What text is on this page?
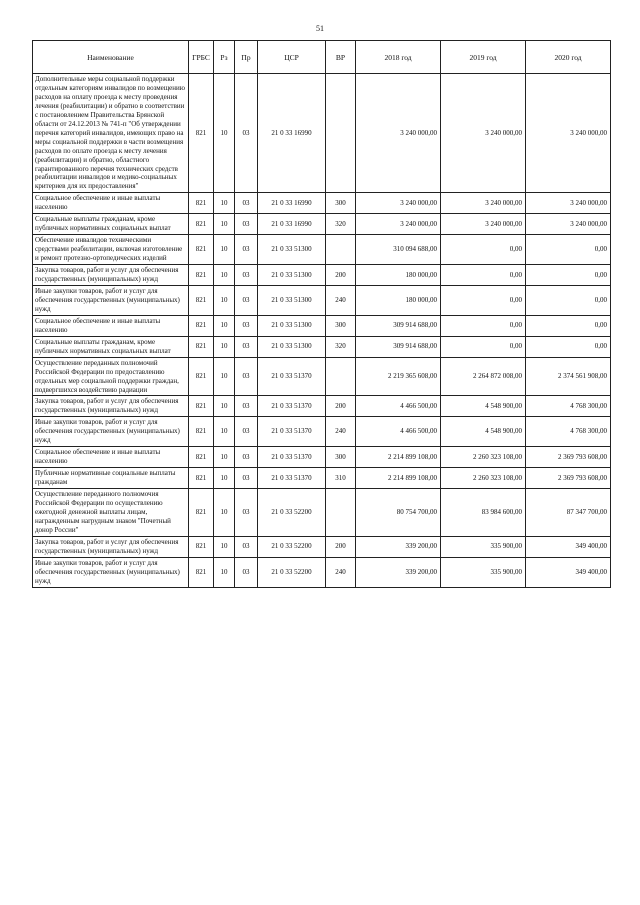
51
Наименование	ГРБС	Рз	Пр	ЦСР	ВР	2018 год	2019 год	2020 год
Дополнительные меры социальной поддержки отдельным категориям инвалидов по возмещению расходов на оплату проезда к месту проведения лечения (реабилитации) и обратно в соответствии с постановлением Правительства Брянской области от 24.12.2013 № 741-п "Об утверждении перечня категорий инвалидов, имеющих право на меры социальной поддержки в части возмещения расходов по оплате проезда к месту лечения (реабилитации) и обратно, областного гарантированного перечня технических средств реабилитации инвалидов и медико-социальных критериев для их предоставления"	821	10	03	21 0 33 16990		3 240 000,00	3 240 000,00	3 240 000,00
Социальное обеспечение и иные выплаты населению	821	10	03	21 0 33 16990	300	3 240 000,00	3 240 000,00	3 240 000,00
Социальные выплаты гражданам, кроме публичных нормативных социальных выплат	821	10	03	21 0 33 16990	320	3 240 000,00	3 240 000,00	3 240 000,00
Обеспечение инвалидов техническими средствами реабилитации, включая изготовление и ремонт протезно-ортопедических изделий	821	10	03	21 0 33 51300		310 094 688,00	0,00	0,00
Закупка товаров, работ и услуг для обеспечения государственных (муниципальных) нужд	821	10	03	21 0 33 51300	200	180 000,00	0,00	0,00
Иные закупки товаров, работ и услуг для обеспечения государственных (муниципальных) нужд	821	10	03	21 0 33 51300	240	180 000,00	0,00	0,00
Социальное обеспечение и иные выплаты населению	821	10	03	21 0 33 51300	300	309 914 688,00	0,00	0,00
Социальные выплаты гражданам, кроме публичных нормативных социальных выплат	821	10	03	21 0 33 51300	320	309 914 688,00	0,00	0,00
Осуществление переданных полномочий Российской Федерации по предоставлению отдельных мер социальной поддержки граждан, подвергшихся воздействию радиации	821	10	03	21 0 33 51370		2 219 365 608,00	2 264 872 008,00	2 374 561 908,00
Закупка товаров, работ и услуг для обеспечения государственных (муниципальных) нужд	821	10	03	21 0 33 51370	200	4 466 500,00	4 548 900,00	4 768 300,00
Иные закупки товаров, работ и услуг для обеспечения государственных (муниципальных) нужд	821	10	03	21 0 33 51370	240	4 466 500,00	4 548 900,00	4 768 300,00
Социальное обеспечение и иные выплаты населению	821	10	03	21 0 33 51370	300	2 214 899 108,00	2 260 323 108,00	2 369 793 608,00
Публичные нормативные социальные выплаты гражданам	821	10	03	21 0 33 51370	310	2 214 899 108,00	2 260 323 108,00	2 369 793 608,00
Осуществление переданного полномочия Российской Федерации по осуществлению ежегодной денежной выплаты лицам, награжденным нагрудным знаком "Почетный донор России"	821	10	03	21 0 33 52200		80 754 700,00	83 984 600,00	87 347 700,00
Закупка товаров, работ и услуг для обеспечения государственных (муниципальных) нужд	821	10	03	21 0 33 52200	200	339 200,00	335 900,00	349 400,00
Иные закупки товаров, работ и услуг для обеспечения государственных (муниципальных) нужд	821	10	03	21 0 33 52200	240	339 200,00	335 900,00	349 400,00
